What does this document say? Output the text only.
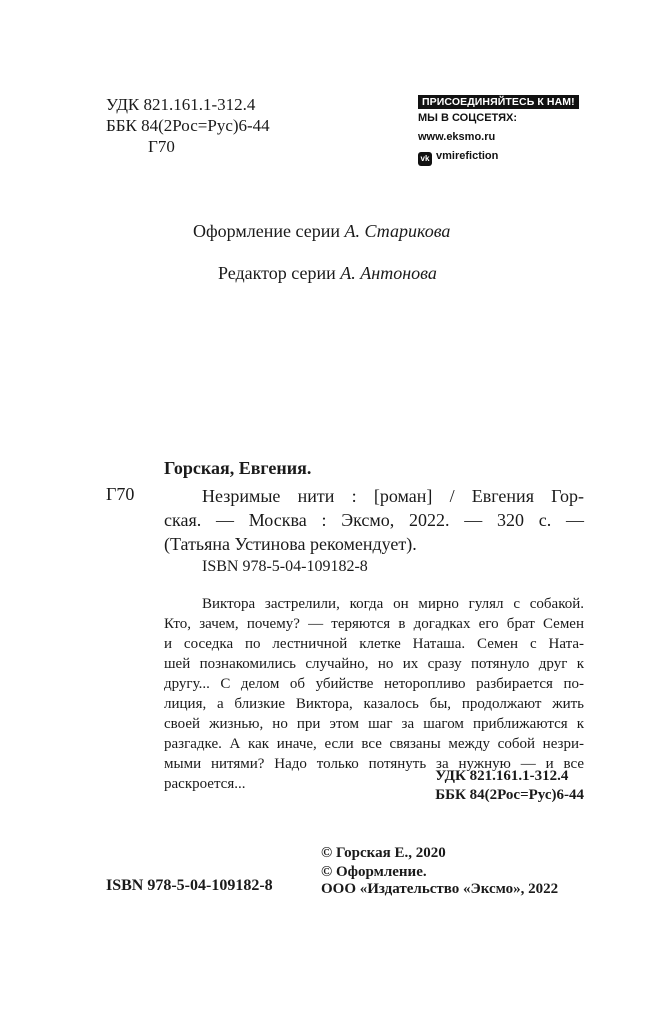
УДК 821.161.1-312.4
ББК 84(2Рос=Рус)6-44
Г70
ПРИСОЕДИНЯЙТЕСЬ К НАМ!
МЫ В СОЦСЕТЯХ:
www.eksmo.ru
vk vmirefiction
Оформление серии А. Старикова
Редактор серии А. Антонова
Горская, Евгения.
Г70	Незримые нити : [роман] / Евгения Гор-
ская. — Москва : Эксмо, 2022. — 320 с. —
(Татьяна Устинова рекомендует).
ISBN 978-5-04-109182-8
Виктора застрелили, когда он мирно гулял с собакой.
Кто, зачем, почему? — теряются в догадках его брат Семен
и соседка по лестничной клетке Наташа. Семен с Ната-
шей познакомились случайно, но их сразу потянуло друг к
другу... С делом об убийстве неторопливо разбирается по-
лиция, а близкие Виктора, казалось бы, продолжают жить
своей жизнью, но при этом шаг за шагом приближаются к
разгадке. А как иначе, если все связаны между собой незри-
мыми нитями? Надо только потянуть за нужную — и все
раскроется...	УДК 821.161.1-312.4
ББК 84(2Рос=Рус)6-44
© Горская Е., 2020
© Оформление.
ООО «Издательство «Эксмо», 2022
ISBN 978-5-04-109182-8
